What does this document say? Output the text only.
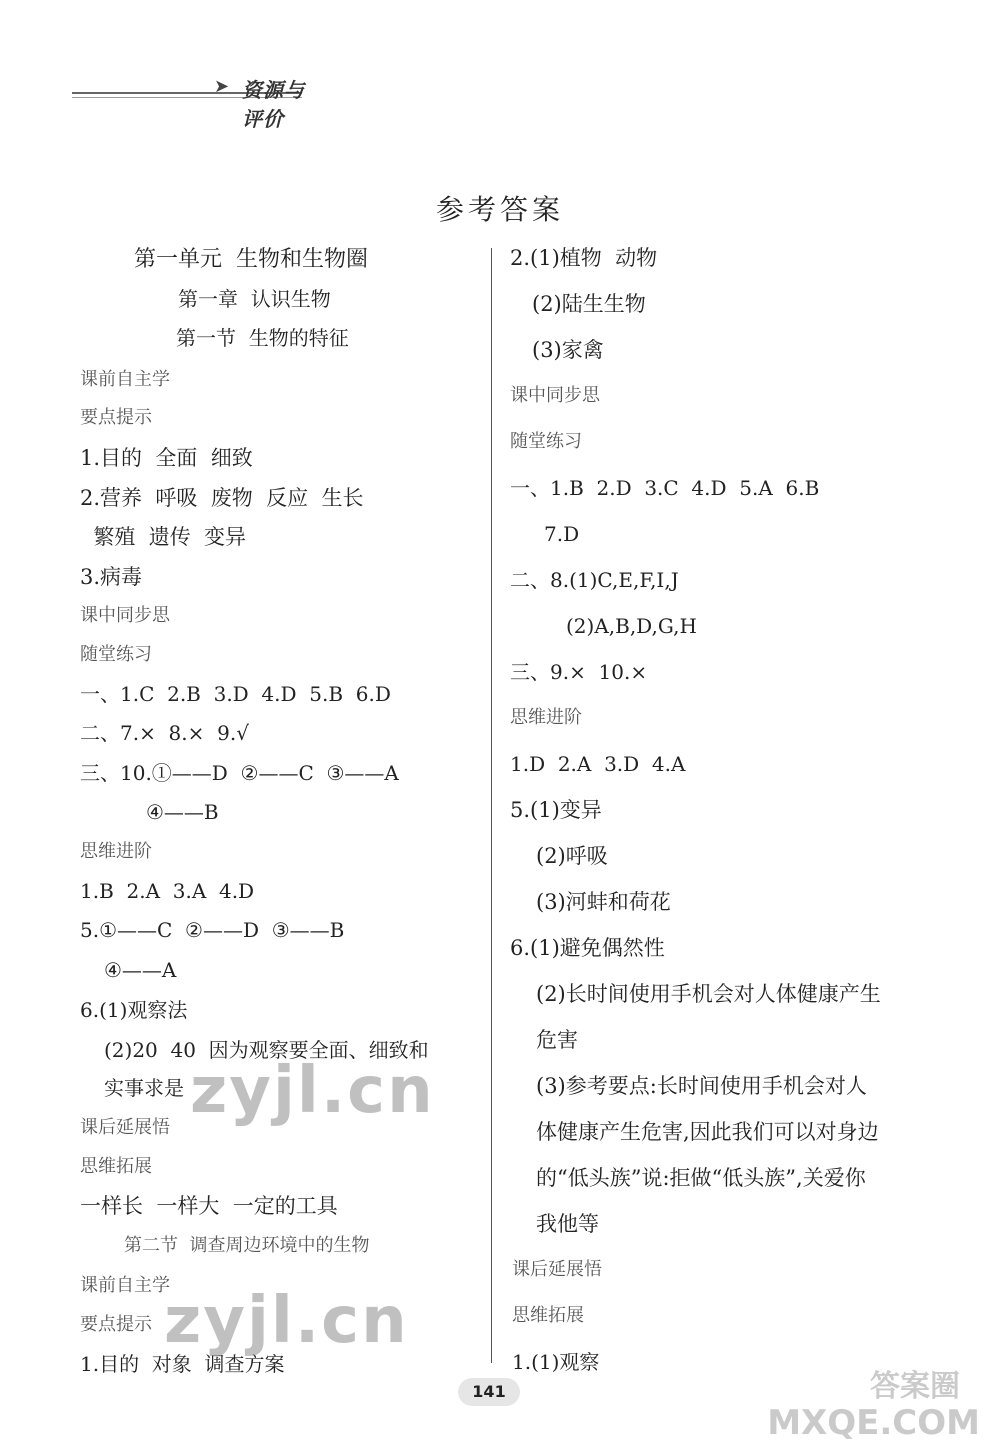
➤ 资源与评价
参考答案
第一单元  生物和生物圈
第一章  认识生物
第一节  生物的特征
课前自主学
要点提示
1.目的  全面  细致
2.营养  呼吸  废物  反应  生长
繁殖  遗传  变异
3.病毒
课中同步思
随堂练习
一、1.C  2.B  3.D  4.D  5.B  6.D
二、7.×  8.×  9.√
三、10.①——D  ②——C  ③——A
④——B
思维进阶
1.B  2.A  3.A  4.D
5.①——C  ②——D  ③——B
④——A
6.(1)观察法
(2)20  40  因为观察要全面、细致和
实事求是
课后延展悟
思维拓展
一样长  一样大  一定的工具
第二节  调查周边环境中的生物
课前自主学
要点提示
1.目的  对象  调查方案
2.(1)植物  动物
(2)陆生生物
(3)家禽
课中同步思
随堂练习
一、1.B  2.D  3.C  4.D  5.A  6.B
7.D
二、8.(1)C,E,F,I,J
(2)A,B,D,G,H
三、9.×  10.×
思维进阶
1.D  2.A  3.D  4.A
5.(1)变异
(2)呼吸
(3)河蚌和荷花
6.(1)避免偶然性
(2)长时间使用手机会对人体健康产生
危害
(3)参考要点:长时间使用手机会对人
体健康产生危害,因此我们可以对身边
的“低头族”说:拒做“低头族”,关爱你
我他等
课后延展悟
思维拓展
1.(1)观察
zyjl.cn
zyjl.cn
答案圈
MXQE.COM
141
